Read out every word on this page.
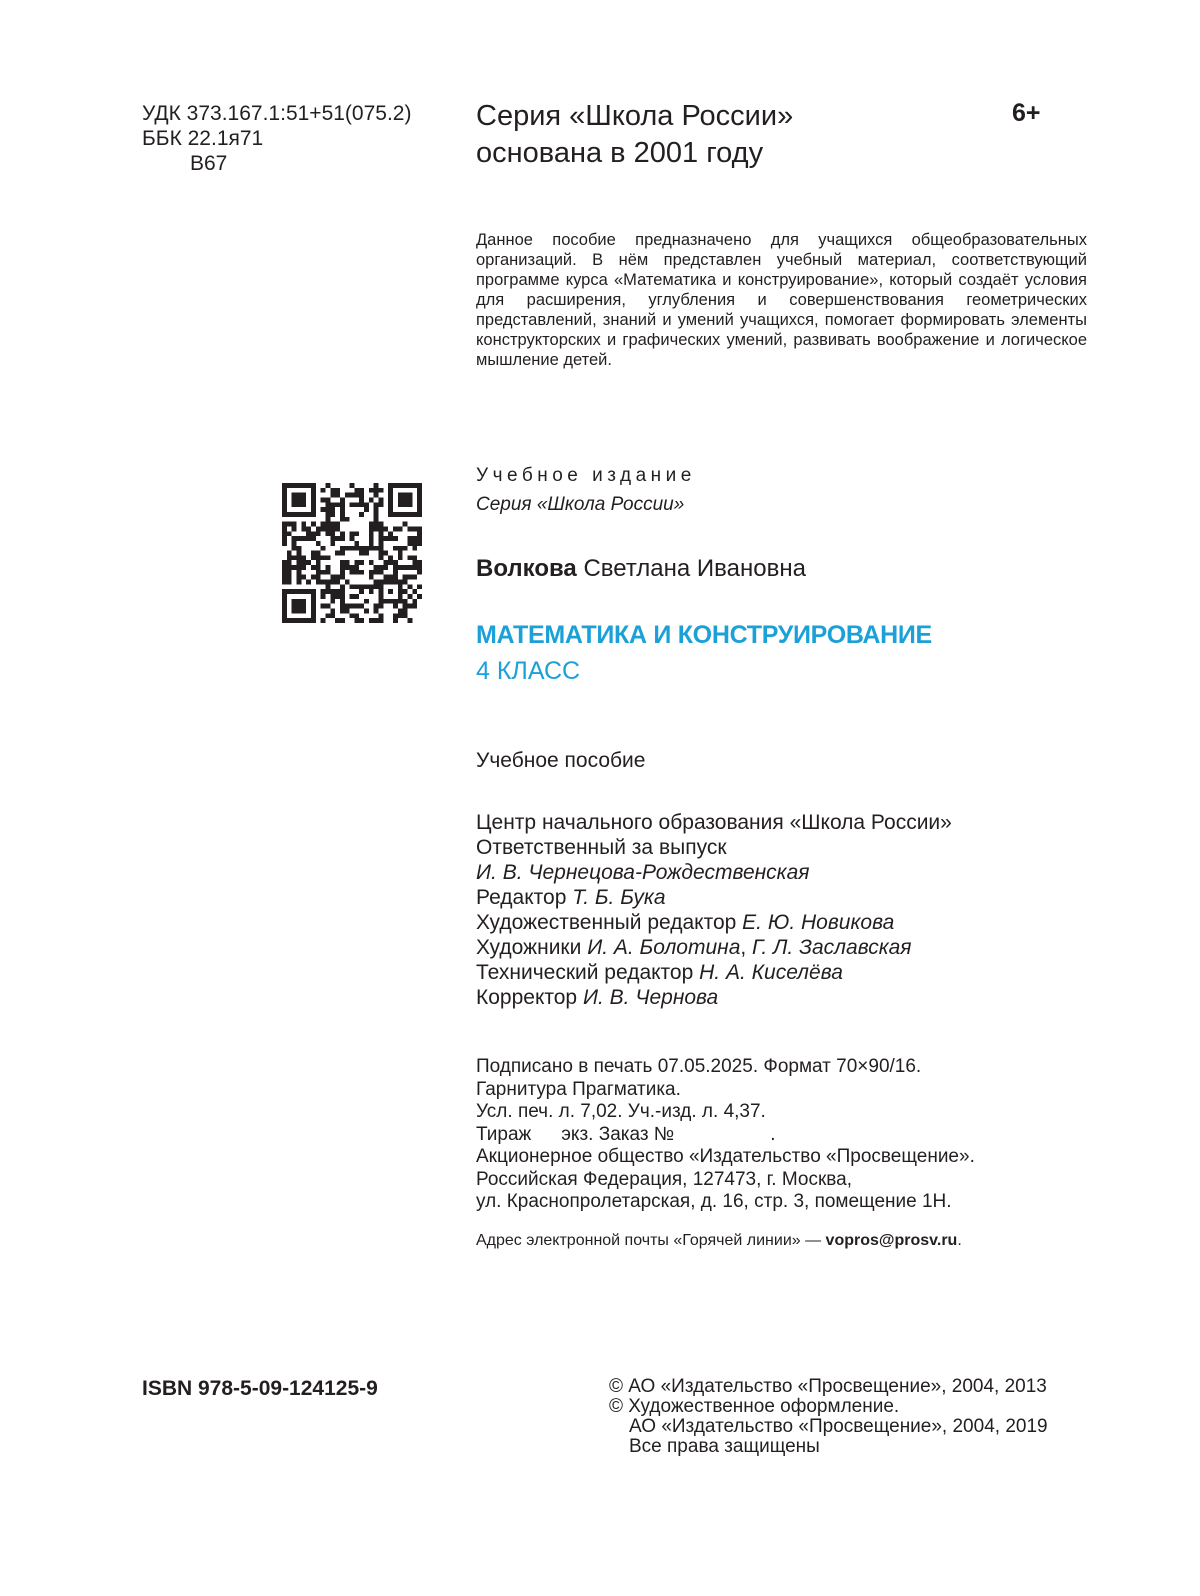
УДК 373.167.1:51+51(075.2)
ББК 22.1я71
В67
Серия «Школа России»
основана в 2001 году
6+
Данное пособие предназначено для учащихся общеобразовательных организаций. В нём представлен учебный материал, соответствующий программе курса «Математика и конструирование», который создаёт условия для расширения, углубления и совершенствования геометрических представлений, знаний и умений учащихся, помогает формировать элементы конструкторских и графических умений, развивать воображение и логическое мышление детей.
Учебное издание
Серия «Школа России»
Волкова Светлана Ивановна
МАТЕМАТИКА И КОНСТРУИРОВАНИЕ
4 КЛАСС
Учебное пособие
Центр начального образования «Школа России»
Ответственный за выпуск
И. В. Чернецова-Рождественская
Редактор Т. Б. Бука
Художественный редактор Е. Ю. Новикова
Художники И. А. Болотина, Г. Л. Заславская
Технический редактор Н. А. Киселёва
Корректор И. В. Чернова
Подписано в печать 07.05.2025. Формат 70×90/16.
Гарнитура Прагматика.
Усл. печ. л. 7,02. Уч.-изд. л. 4,37.
Тираж экз. Заказ №	.
Акционерное общество «Издательство «Просвещение».
Российская Федерация, 127473, г. Москва,
ул. Краснопролетарская, д. 16, стр. 3, помещение 1Н.
Адрес электронной почты «Горячей линии» — vopros@prosv.ru.
ISBN 978-5-09-124125-9	© АО «Издательство «Просвещение», 2004, 2013
© Художественное оформление.
АО «Издательство «Просвещение», 2004, 2019
Все права защищены
